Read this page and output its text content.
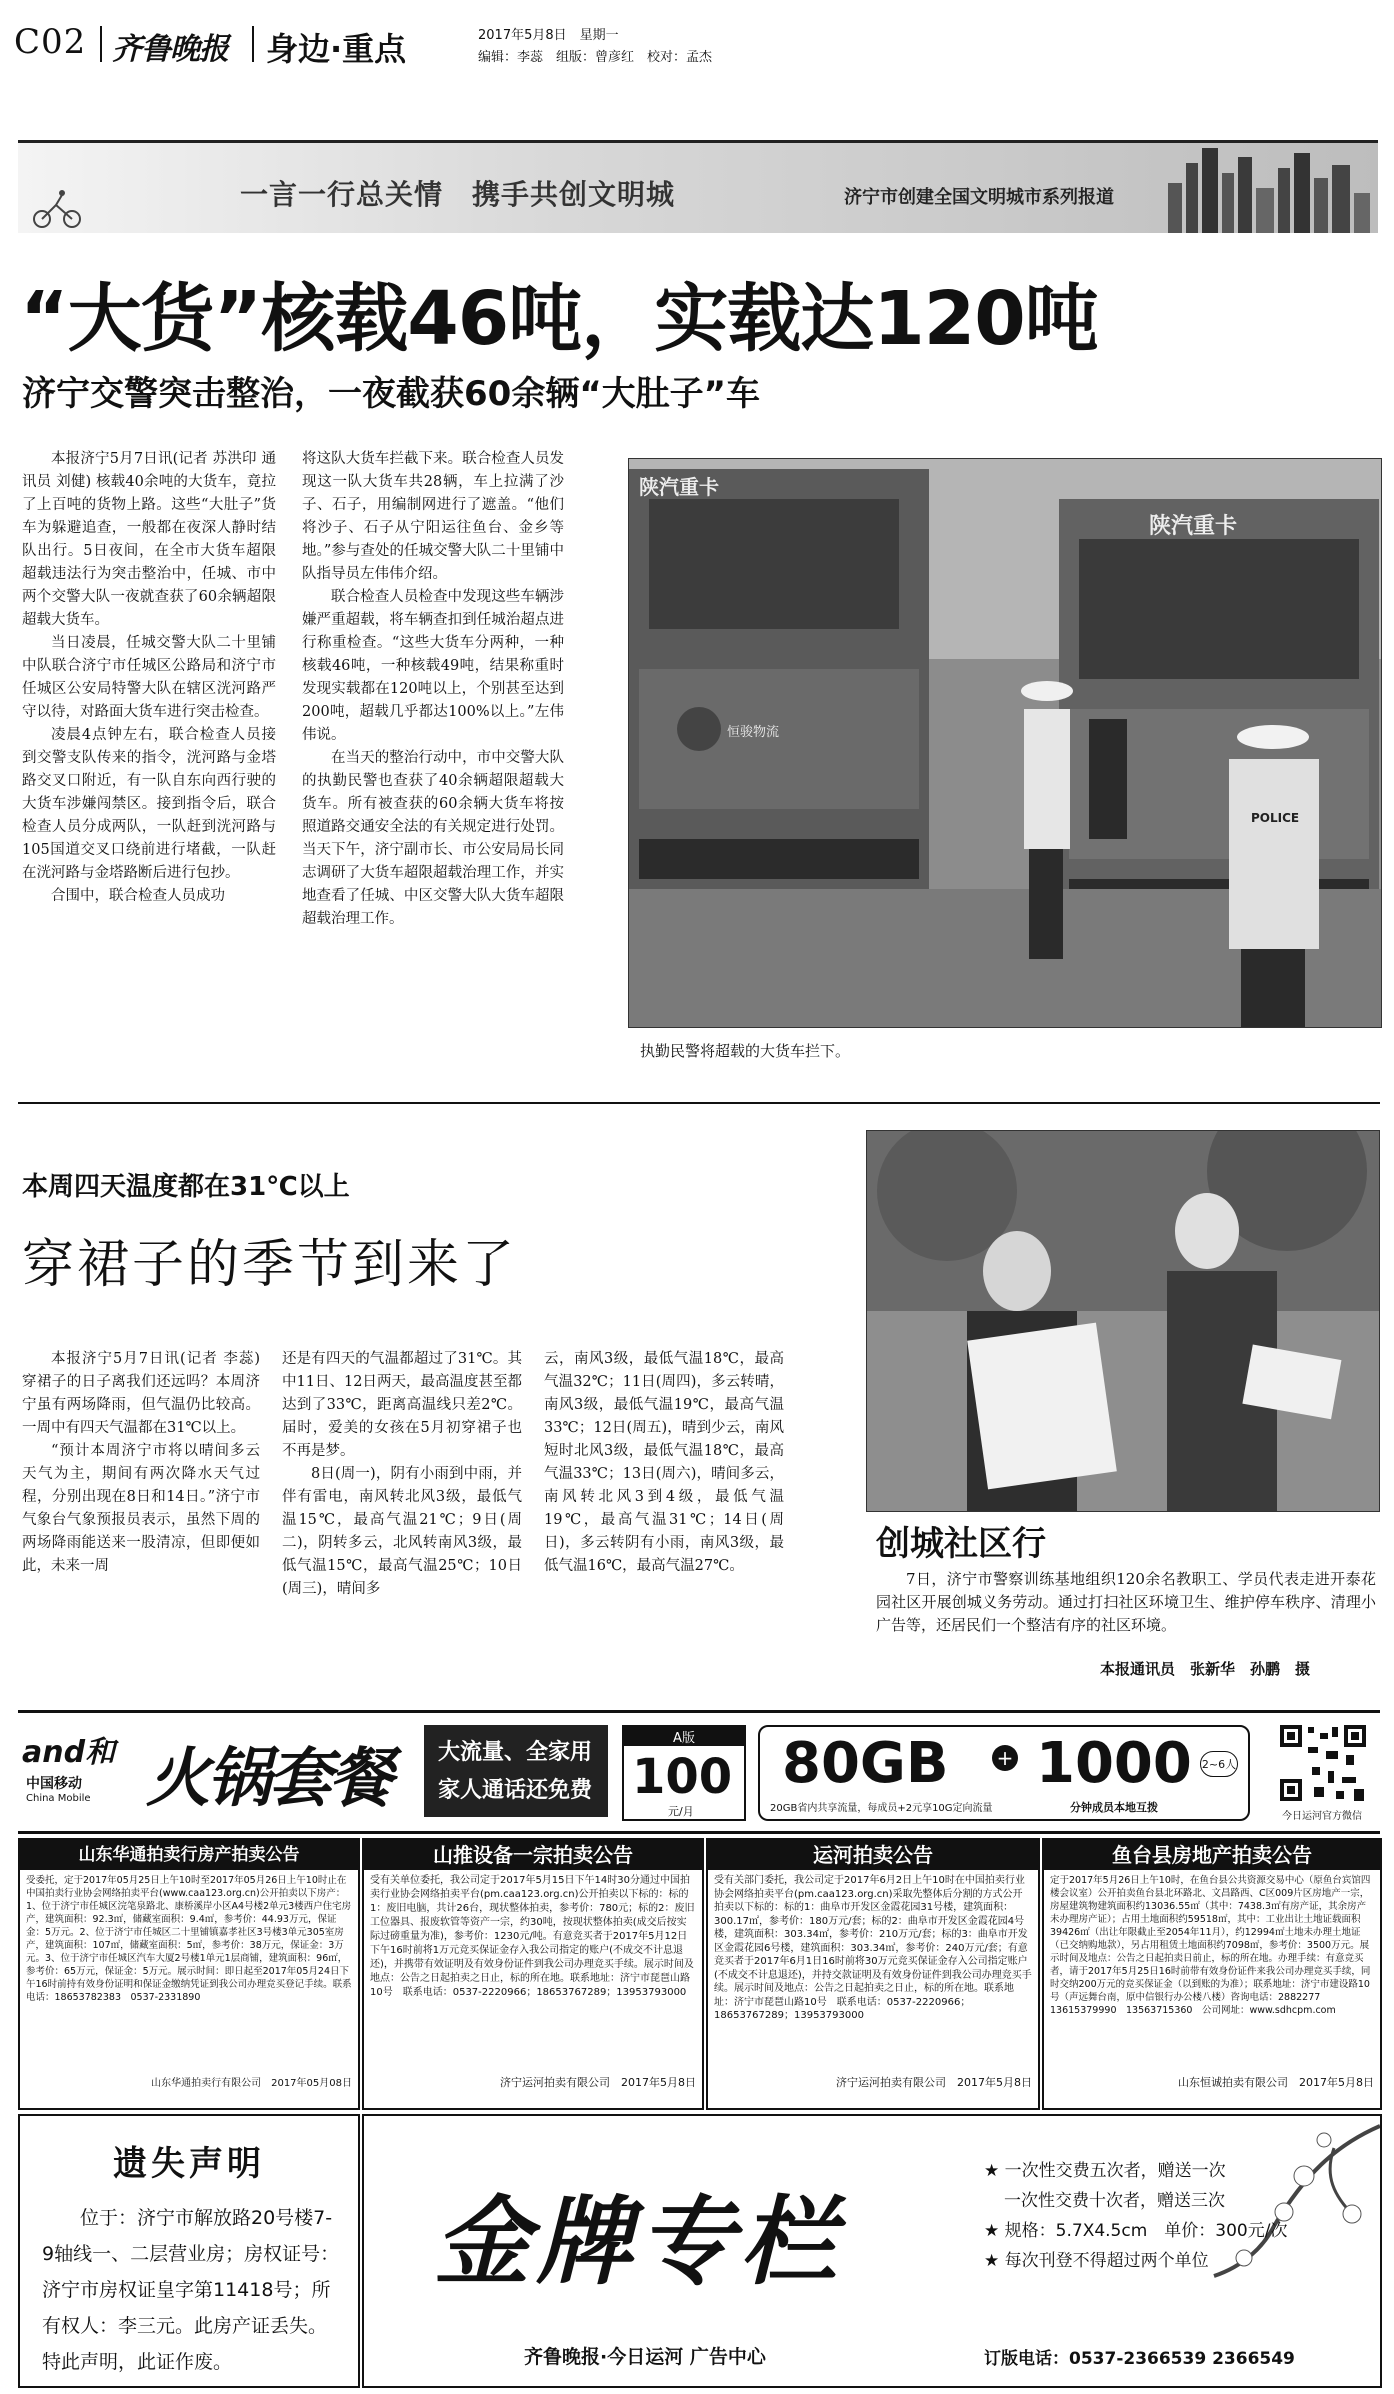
C02 齐鲁晚报 身边·重点	2017年5月8日　 星期一
编辑：李蕊　组版：曾彦红　校对：孟杰
一言一行总关情　携手共创文明城	济宁市创建全国文明城市系列报道
“大货”核载46吨，实载达120吨
济宁交警突击整治，一夜截获60余辆“大肚子”车

本报济宁5月7日讯(记者 苏洪印 通讯员 刘健) 核载40余吨的大货车，竟拉了上百吨的货物上路。这些“大肚子”货车为躲避追查，一般都在夜深人静时结队出行。5日夜间，在全市大货车超限超载违法行为突击整治中，任城、市中两个交警大队一夜就查获了60余辆超限超载大货车。

当日凌晨，任城交警大队二十里铺中队联合济宁市任城区公路局和济宁市任城区公安局特警大队在辖区洸河路严守以待，对路面大货车进行突击检查。

凌晨4点钟左右，联合检查人员接到交警支队传来的指令，洸河路与金塔路交叉口附近，有一队自东向西行驶的大货车涉嫌闯禁区。接到指令后，联合检查人员分成两队，一队赶到洸河路与105国道交叉口绕前进行堵截，一队赶在洸河路与金塔路断后进行包抄。

合围中，联合检查人员成功

将这队大货车拦截下来。联合检查人员发现这一队大货车共28辆，车上拉满了沙子、石子，用编制网进行了遮盖。“他们将沙子、石子从宁阳运往鱼台、金乡等地。”参与查处的任城交警大队二十里铺中队指导员左伟伟介绍。

联合检查人员检查中发现这些车辆涉嫌严重超载，将车辆查扣到任城治超点进行称重检查。“这些大货车分两种，一种核载46吨，一种核载49吨，结果称重时发现实载都在120吨以上，个别甚至达到200吨，超载几乎都达100%以上。”左伟伟说。

在当天的整治行动中，市中交警大队的执勤民警也查获了40余辆超限超载大货车。所有被查获的60余辆大货车将按照道路交通安全法的有关规定进行处罚。当天下午，济宁副市长、市公安局局长同志调研了大货车超限超载治理工作，并实地查看了任城、中区交警大队大货车超限超载治理工作。

陕汽重卡
陕汽重卡
恒骏物流
POLICE
执勤民警将超载的大货车拦下。
本周四天温度都在31℃以上
穿裙子的季节到来了

本报济宁5月7日讯(记者 李蕊) 穿裙子的日子离我们还远吗？本周济宁虽有两场降雨，但气温仍比较高。一周中有四天气温都在31℃以上。

“预计本周济宁市将以晴间多云天气为主，期间有两次降水天气过程，分别出现在8日和14日。”济宁市气象台气象预报员表示，虽然下周的两场降雨能送来一股清凉，但即便如此，未来一周

还是有四天的气温都超过了31℃。其中11日、12日两天，最高温度甚至都达到了33℃，距离高温线只差2℃。届时，爱美的女孩在5月初穿裙子也不再是梦。

8日(周一)，阴有小雨到中雨，并伴有雷电，南风转北风3级，最低气温15℃，最高气温21℃；9日(周二)，阴转多云，北风转南风3级，最低气温15℃，最高气温25℃；10日(周三)，晴间多

云，南风3级，最低气温18℃，最高气温32℃；11日(周四)，多云转晴，南风3级，最低气温19℃，最高气温33℃；12日(周五)，晴到少云，南风短时北风3级，最低气温18℃，最高气温33℃；13日(周六)，晴间多云，南风转北风3到4级，最低气温19℃，最高气温31℃；14日(周日)，多云转阴有小雨，南风3级，最低气温16℃，最高气温27℃。

创城社区行
7日，济宁市警察训练基地组织120余名教职工、学员代表走进开泰花园社区开展创城义务劳动。通过打扫社区环境卫生、维护停车秩序、清理小广告等，还居民们一个整洁有序的社区环境。
本报通讯员　张新华　孙鹏　摄
and和
中国移动
China Mobile 火锅套餐 大流量、全家用
家人通话还免费
A版
100
元/月
80GB + 1000 2~6人
20GB省内共享流量，每成员+2元享10G定向流量	分钟成员本地互拨
今日运河官方微信
山东华通拍卖行房产拍卖公告
受委托，定于2017年05月25日上午10时至2017年05月26日上午10时止在中国拍卖行业协会网络拍卖平台(www.caa123.org.cn)公开拍卖以下房产：1、位于济宁市任城区浣笔泉路北、康桥溪岸小区A4号楼2单元3楼西户住宅房产，建筑面积：92.3㎡，储藏室面积：9.4㎡，参考价：44.93万元，保证金：5万元。2、位于济宁市任城区二十里铺镇嘉孝社区3号楼3单元305室房产，建筑面积：107㎡，储藏室面积：5㎡，参考价：38万元，保证金：3万元。3、位于济宁市任城区汽车大厦2号楼1单元1层商铺，建筑面积：96㎡，参考价：65万元，保证金：5万元。展示时间：即日起至2017年05月24日下午16时前持有效身份证明和保证金缴纳凭证到我公司办理竞买登记手续。联系电话：18653782383　0537-2331890
山东华通拍卖行有限公司　2017年05月08日
山推设备一宗拍卖公告
受有关单位委托，我公司定于2017年5月15日下午14时30分通过中国拍卖行业协会网络拍卖平台(pm.caa123.org.cn)公开拍卖以下标的：标的1：废旧电脑，共计26台，现状整体拍卖，参考价：780元；标的2：废旧工位器具、报废软管等资产一宗，约30吨，按现状整体拍卖(成交后按实际过磅重量为准)，参考价：1230元/吨。有意竞买者于2017年5月12日下午16时前将1万元竞买保证金存入我公司指定的账户(不成交不计息退还)，并携带有效证明及有效身份证件到我公司办理竞买手续。展示时间及地点：公告之日起拍卖之日止，标的所在地。联系地址：济宁市琵琶山路10号　联系电话：0537-2220966；18653767289；13953793000
济宁运河拍卖有限公司　2017年5月8日
运河拍卖公告
受有关部门委托，我公司定于2017年6月2日上午10时在中国拍卖行业协会网络拍卖平台(pm.caa123.org.cn)采取先整体后分割的方式公开拍卖以下标的：标的1：曲阜市开发区金霞花园31号楼，建筑面积：300.17㎡，参考价：180万元/套；标的2：曲阜市开发区金霞花园4号楼，建筑面积：303.34㎡，参考价：210万元/套；标的3：曲阜市开发区金霞花园6号楼，建筑面积：303.34㎡，参考价：240万元/套；有意竞买者于2017年6月1日16时前将30万元竞买保证金存入公司指定账户(不成交不计息退还)，并持交款证明及有效身份证件到我公司办理竞买手续。展示时间及地点：公告之日起拍卖之日止，标的所在地。联系地址：济宁市琵琶山路10号　联系电话：0537-2220966；18653767289；13953793000
济宁运河拍卖有限公司　2017年5月8日
鱼台县房地产拍卖公告
定于2017年5月26日上午10时，在鱼台县公共资源交易中心（原鱼台宾馆四楼会议室）公开拍卖鱼台县北环路北、文昌路西、C区009片区房地产一宗，房屋建筑物建筑面积约13036.55㎡（其中：7438.3㎡有房产证，其余房产未办理房产证）；占用土地面积约59518㎡，其中：工业出让土地证载面积39426㎡（出让年限截止至2054年11月），约12994㎡土地未办理土地证（已交纳购地款），另占用租赁土地面积约7098㎡，参考价：3500万元。展示时间及地点：公告之日起拍卖日前止，标的所在地。办理手续：有意竞买者，请于2017年5月25日16时前带有效身份证件来我公司办理竞买手续，同时交纳200万元的竞买保证金（以到账的为准）；联系地址：济宁市建设路10号（声远舞台南，原中信银行办公楼八楼）咨询电话：2882277　13615379990　13563715360　公司网址：www.sdhcpm.com
山东恒诚拍卖有限公司　2017年5月8日
遗失声明
位于：济宁市解放路20号楼7-9轴线一、二层营业房；房权证号：济宁市房权证皇字第11418号；所有权人：李三元。此房产证丢失。特此声明，此证作废。
金牌专栏
★ 一次性交费五次者，赠送一次
一次性交费十次者，赠送三次
★ 规格：5.7X4.5cm　单价：300元/次
★ 每次刊登不得超过两个单位
齐鲁晚报·今日运河 广告中心	订版电话：0537-2366539 2366549
